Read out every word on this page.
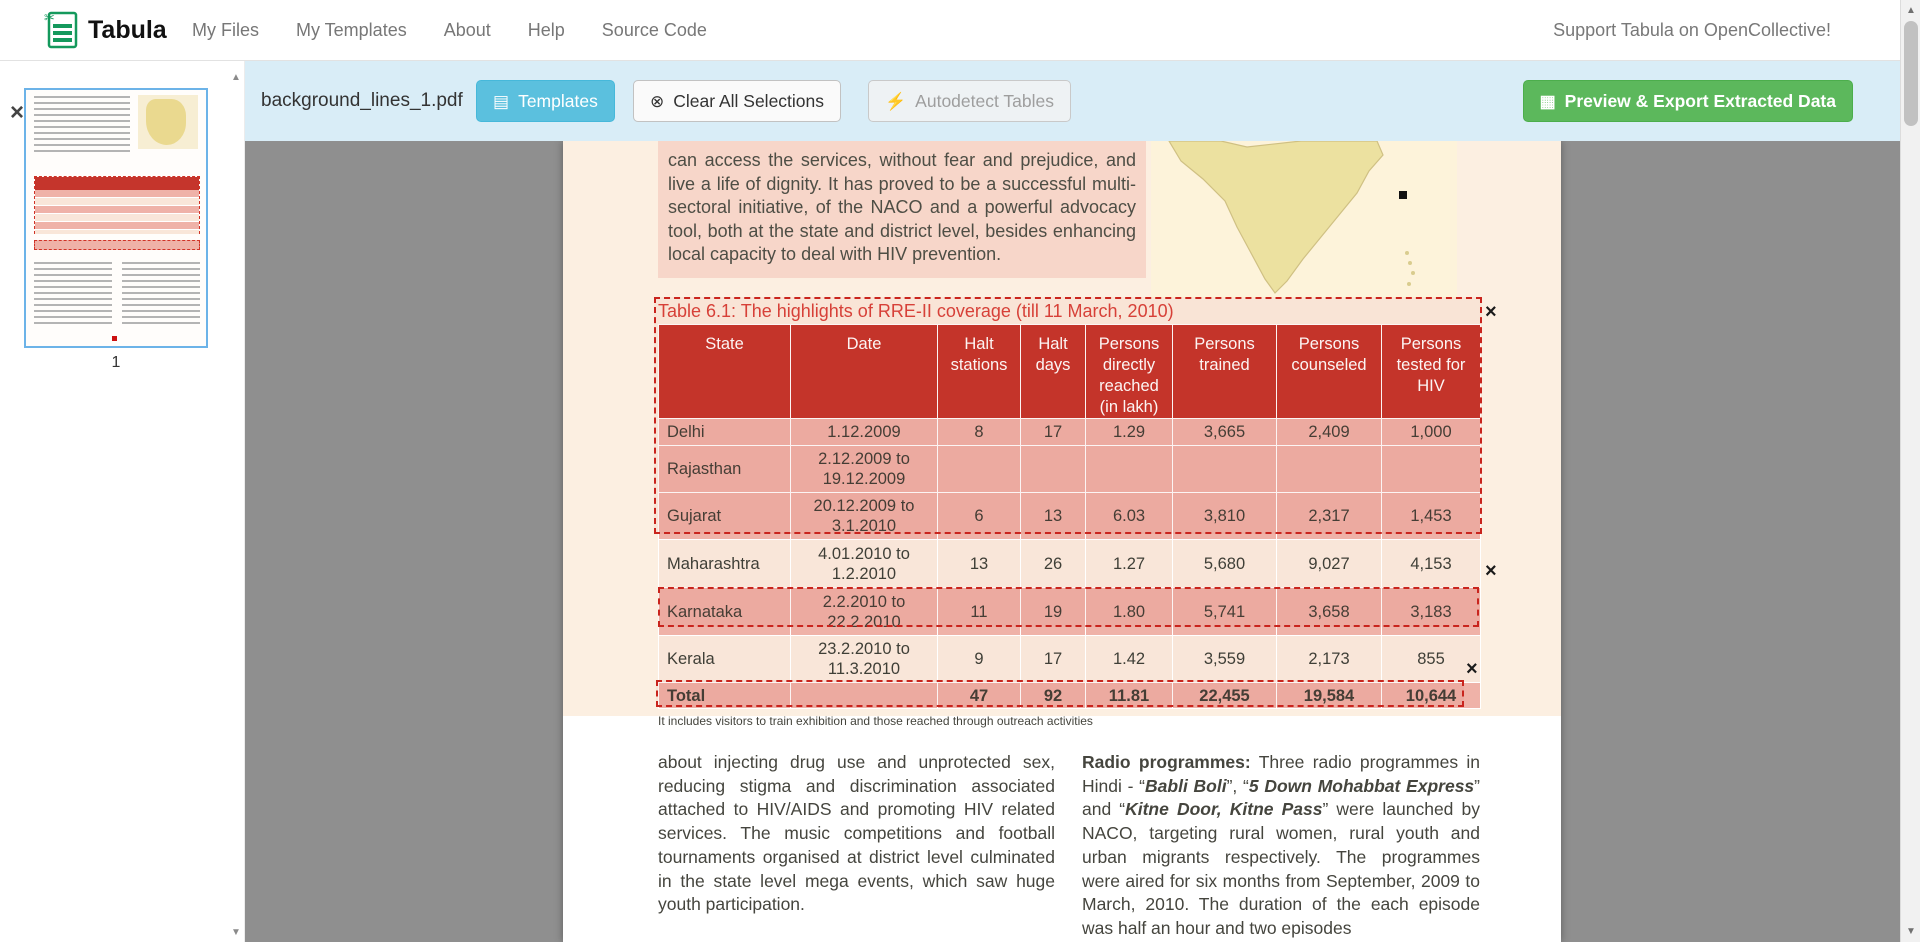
✂ Tabula My Files My Templates About Help Source Code	Support Tabula on OpenCollective!
×
1
▲
▼
background_lines_1.pdf ▤ Templates	⊗ Clear All Selections	⚡ Autodetect Tables	▦ Preview & Export Extracted Data
can access the services, without fear and prejudice, and live a life of dignity. It has proved to be a successful multi-sectoral initiative, of the NACO and a powerful advocacy tool, both at the state and district level, besides enhancing local capacity to deal with HIV prevention.
Table 6.1: The highlights of RRE-II coverage (till 11 March, 2010)
State	Date	Halt stations	Halt days	Persons directly reached (in lakh)	Persons trained	Persons counseled	Persons tested for HIV
Delhi	1.12.2009	8	17	1.29	3,665	2,409	1,000
Rajasthan	2.12.2009 to 19.12.2009						
Gujarat	20.12.2009 to 3.1.2010	6	13	6.03	3,810	2,317	1,453
Maharashtra	4.01.2010 to 1.2.2010	13	26	1.27	5,680	9,027	4,153
Karnataka	2.2.2010 to 22.2.2010	11	19	1.80	5,741	3,658	3,183
Kerala	23.2.2010 to 11.3.2010	9	17	1.42	3,559	2,173	855
Total		47	92	11.81	22,455	19,584	10,644
It includes visitors to train exhibition and those reached through outreach activities

about injecting drug use and unprotected sex, reducing stigma and discrimination associated attached to HIV/AIDS and promoting HIV related services. The music competitions and football tournaments organised at district level culminated in the state level mega events, which saw huge youth participation.

Radio programmes: Three radio programmes in Hindi - “Babli Boli”, “5 Down Mohabbat Express” and “Kitne Door, Kitne Pass” were launched by NACO, targeting rural women, rural youth and urban migrants respectively. The programmes were aired for six months from September, 2009 to March, 2010. The duration of the each episode was half an hour and two episodes

×
×
×
▲
▼
